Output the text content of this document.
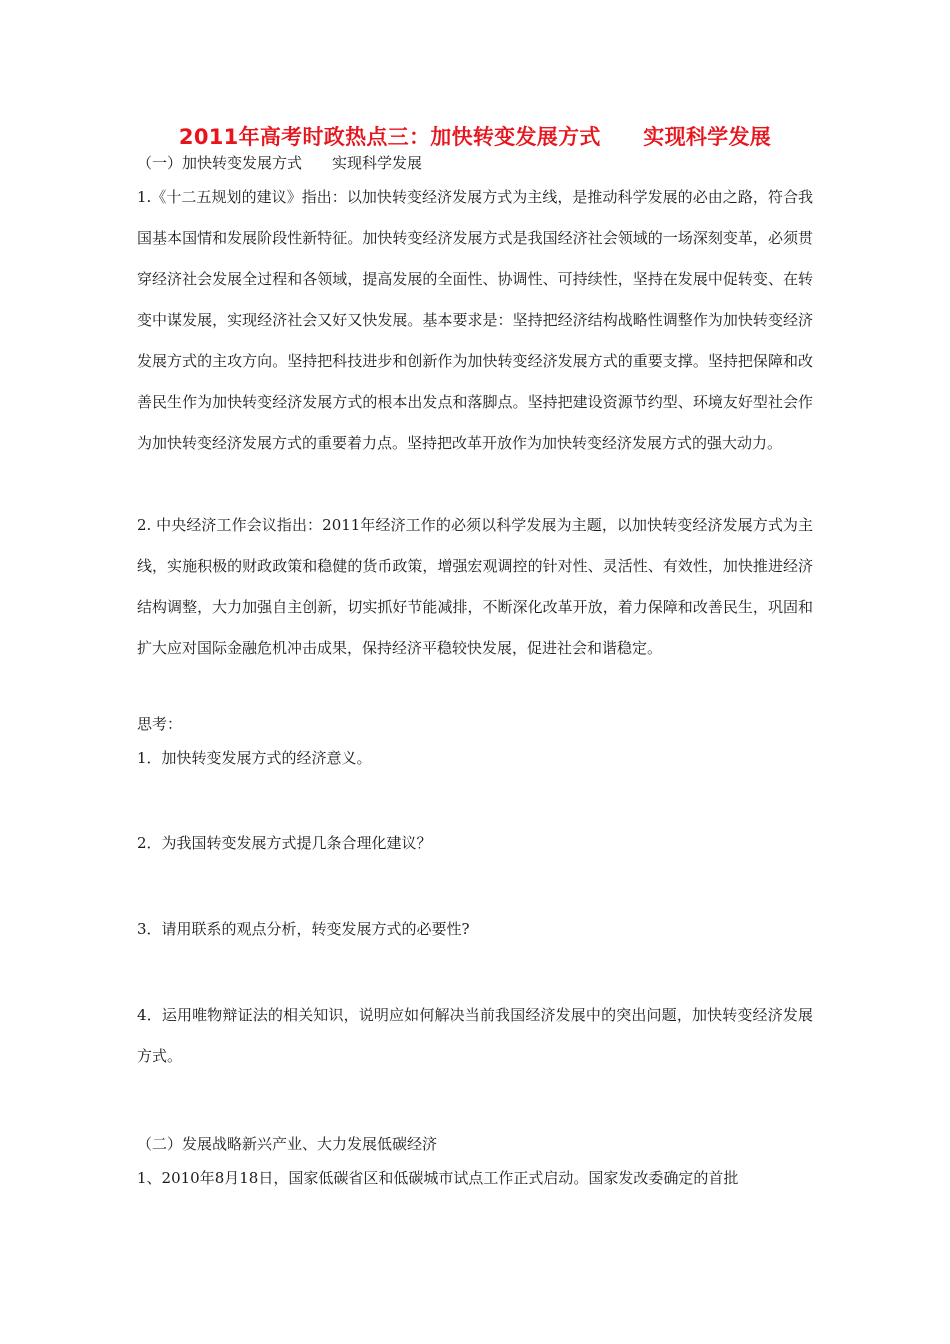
2011年高考时政热点三：加快转变发展方式　　实现科学发展
（一）加快转变发展方式　　实现科学发展
1.《十二五规划的建议》指出：以加快转变经济发展方式为主线，是推动科学发展的必由之路，符合我国基本国情和发展阶段性新特征。加快转变经济发展方式是我国经济社会领域的一场深刻变革，必须贯穿经济社会发展全过程和各领域，提高发展的全面性、协调性、可持续性，坚持在发展中促转变、在转变中谋发展，实现经济社会又好又快发展。基本要求是：坚持把经济结构战略性调整作为加快转变经济发展方式的主攻方向。坚持把科技进步和创新作为加快转变经济发展方式的重要支撑。坚持把保障和改善民生作为加快转变经济发展方式的根本出发点和落脚点。坚持把建设资源节约型、环境友好型社会作为加快转变经济发展方式的重要着力点。坚持把改革开放作为加快转变经济发展方式的强大动力。
2. 中央经济工作会议指出：2011年经济工作的必须以科学发展为主题，以加快转变经济发展方式为主线，实施积极的财政政策和稳健的货币政策，增强宏观调控的针对性、灵活性、有效性，加快推进经济结构调整，大力加强自主创新，切实抓好节能减排，不断深化改革开放，着力保障和改善民生，巩固和扩大应对国际金融危机冲击成果，保持经济平稳较快发展，促进社会和谐稳定。
思考：
1．加快转变发展方式的经济意义。
2．为我国转变发展方式提几条合理化建议？
3．请用联系的观点分析，转变发展方式的必要性?
4．运用唯物辩证法的相关知识，说明应如何解决当前我国经济发展中的突出问题，加快转变经济发展方式。
（二）发展战略新兴产业、大力发展低碳经济
1、2010年8月18日，国家低碳省区和低碳城市试点工作正式启动。国家发改委确定的首批
